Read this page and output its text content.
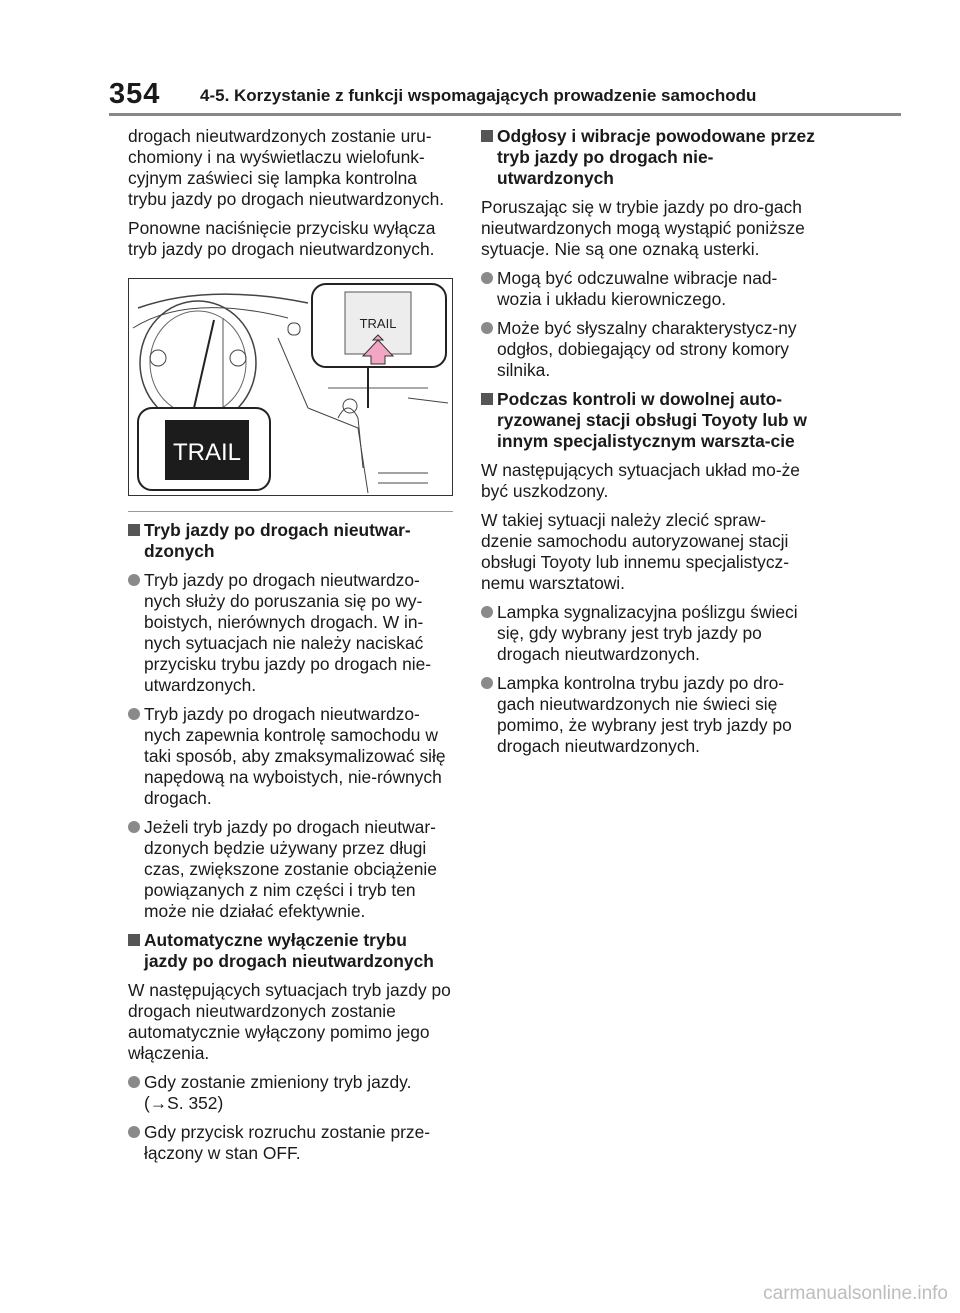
354 4-5. Korzystanie z funkcji wspomagających prowadzenie samochodu

drogach nieutwardzonych zostanie uru-chomiony i na wyświetlaczu wielofunk-cyjnym zaświeci się lampka kontrolna trybu jazdy po drogach nieutwardzonych.

Ponowne naciśnięcie przycisku wyłącza tryb jazdy po drogach nieutwardzonych.

TRAIL
TRAIL
Tryb jazdy po drogach nieutwar-dzonych
Tryb jazdy po drogach nieutwardzo-nych służy do poruszania się po wy-boistych, nierównych drogach. W in-nych sytuacjach nie należy naciskać przycisku trybu jazdy po drogach nie-utwardzonych.
Tryb jazdy po drogach nieutwardzo-nych zapewnia kontrolę samochodu w taki sposób, aby zmaksymalizować siłę napędową na wyboistych, nie-równych drogach.
Jeżeli tryb jazdy po drogach nieutwar-dzonych będzie używany przez długi czas, zwiększone zostanie obciążenie powiązanych z nim części i tryb ten może nie działać efektywnie.
Automatyczne wyłączenie trybu jazdy po drogach nieutwardzonych

W następujących sytuacjach tryb jazdy po drogach nieutwardzonych zostanie automatycznie wyłączony pomimo jego włączenia.

Gdy zostanie zmieniony tryb jazdy. (→S. 352)
Gdy przycisk rozruchu zostanie prze-łączony w stan OFF.
Odgłosy i wibracje powodowane przez tryb jazdy po drogach nie-utwardzonych

Poruszając się w trybie jazdy po dro-gach nieutwardzonych mogą wystąpić poniższe sytuacje. Nie są one oznaką usterki.

Mogą być odczuwalne wibracje nad-wozia i układu kierowniczego.
Może być słyszalny charakterystycz-ny odgłos, dobiegający od strony komory silnika.
Podczas kontroli w dowolnej auto-ryzowanej stacji obsługi Toyoty lub w innym specjalistycznym warszta-cie

W następujących sytuacjach układ mo-że być uszkodzony.

W takiej sytuacji należy zlecić spraw-dzenie samochodu autoryzowanej stacji obsługi Toyoty lub innemu specjalistycz-nemu warsztatowi.

Lampka sygnalizacyjna poślizgu świeci się, gdy wybrany jest tryb jazdy po drogach nieutwardzonych.
Lampka kontrolna trybu jazdy po dro-gach nieutwardzonych nie świeci się pomimo, że wybrany jest tryb jazdy po drogach nieutwardzonych.
carmanualsonline.info
